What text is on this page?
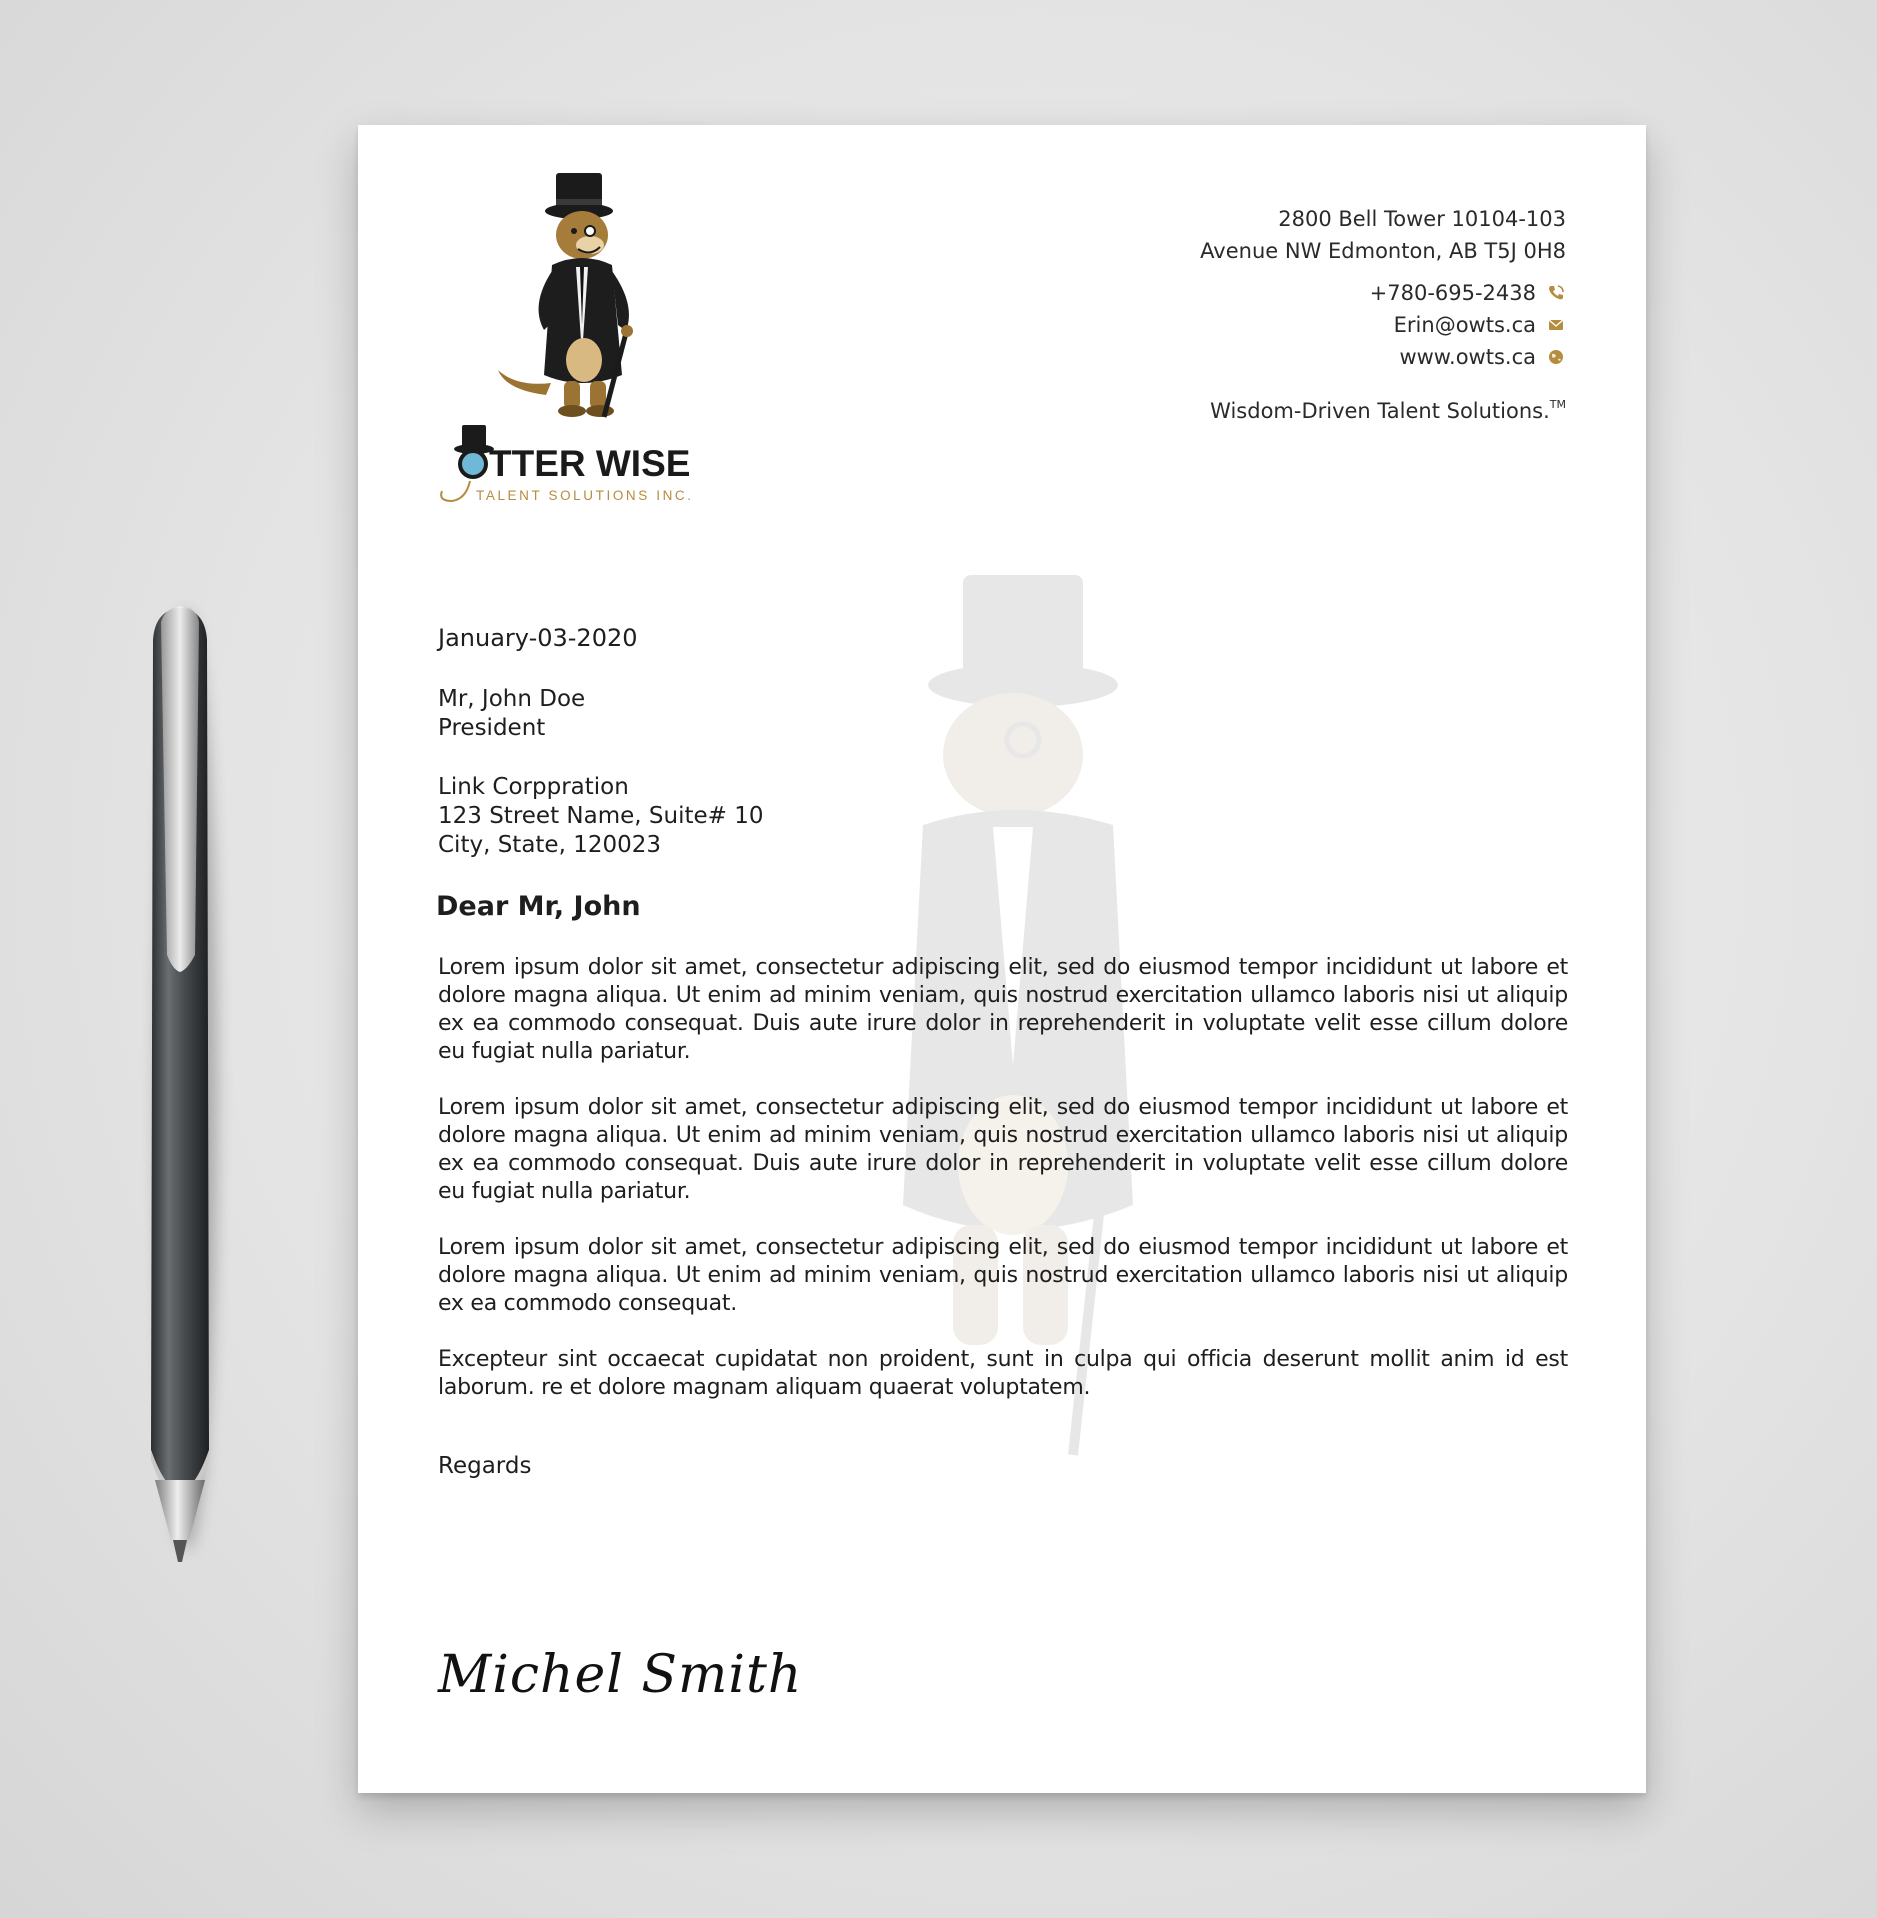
TTER WISE
TALENT SOLUTIONS INC.
2800 Bell Tower 10104-103
Avenue NW Edmonton, AB T5J 0H8
+780-695-2438
Erin@owts.ca
www.owts.ca
Wisdom-Driven Talent Solutions.™
January-03-2020
Mr, John Doe
President
Link Corppration
123 Street Name, Suite# 10
City, State, 120023
Dear Mr, John

Lorem ipsum dolor sit amet, consectetur adipiscing elit, sed do eiusmod tempor incididunt ut labore et dolore magna aliqua. Ut enim ad minim veniam, quis nostrud exercitation ullamco laboris nisi ut aliquip ex ea commodo consequat. Duis aute irure dolor in reprehenderit in voluptate velit esse cillum dolore eu fugiat nulla pariatur.

Lorem ipsum dolor sit amet, consectetur adipiscing elit, sed do eiusmod tempor incididunt ut labore et dolore magna aliqua. Ut enim ad minim veniam, quis nostrud exercitation ullamco laboris nisi ut aliquip ex ea commodo consequat. Duis aute irure dolor in reprehenderit in voluptate velit esse cillum dolore eu fugiat nulla pariatur.

Lorem ipsum dolor sit amet, consectetur adipiscing elit, sed do eiusmod tempor incididunt ut labore et dolore magna aliqua. Ut enim ad minim veniam, quis nostrud exercitation ullamco laboris nisi ut aliquip ex ea commodo consequat.

Excepteur sint occaecat cupidatat non proident, sunt in culpa qui officia deserunt mollit anim id est laborum. re et dolore magnam aliquam quaerat voluptatem.

Regards
Michel Smith
